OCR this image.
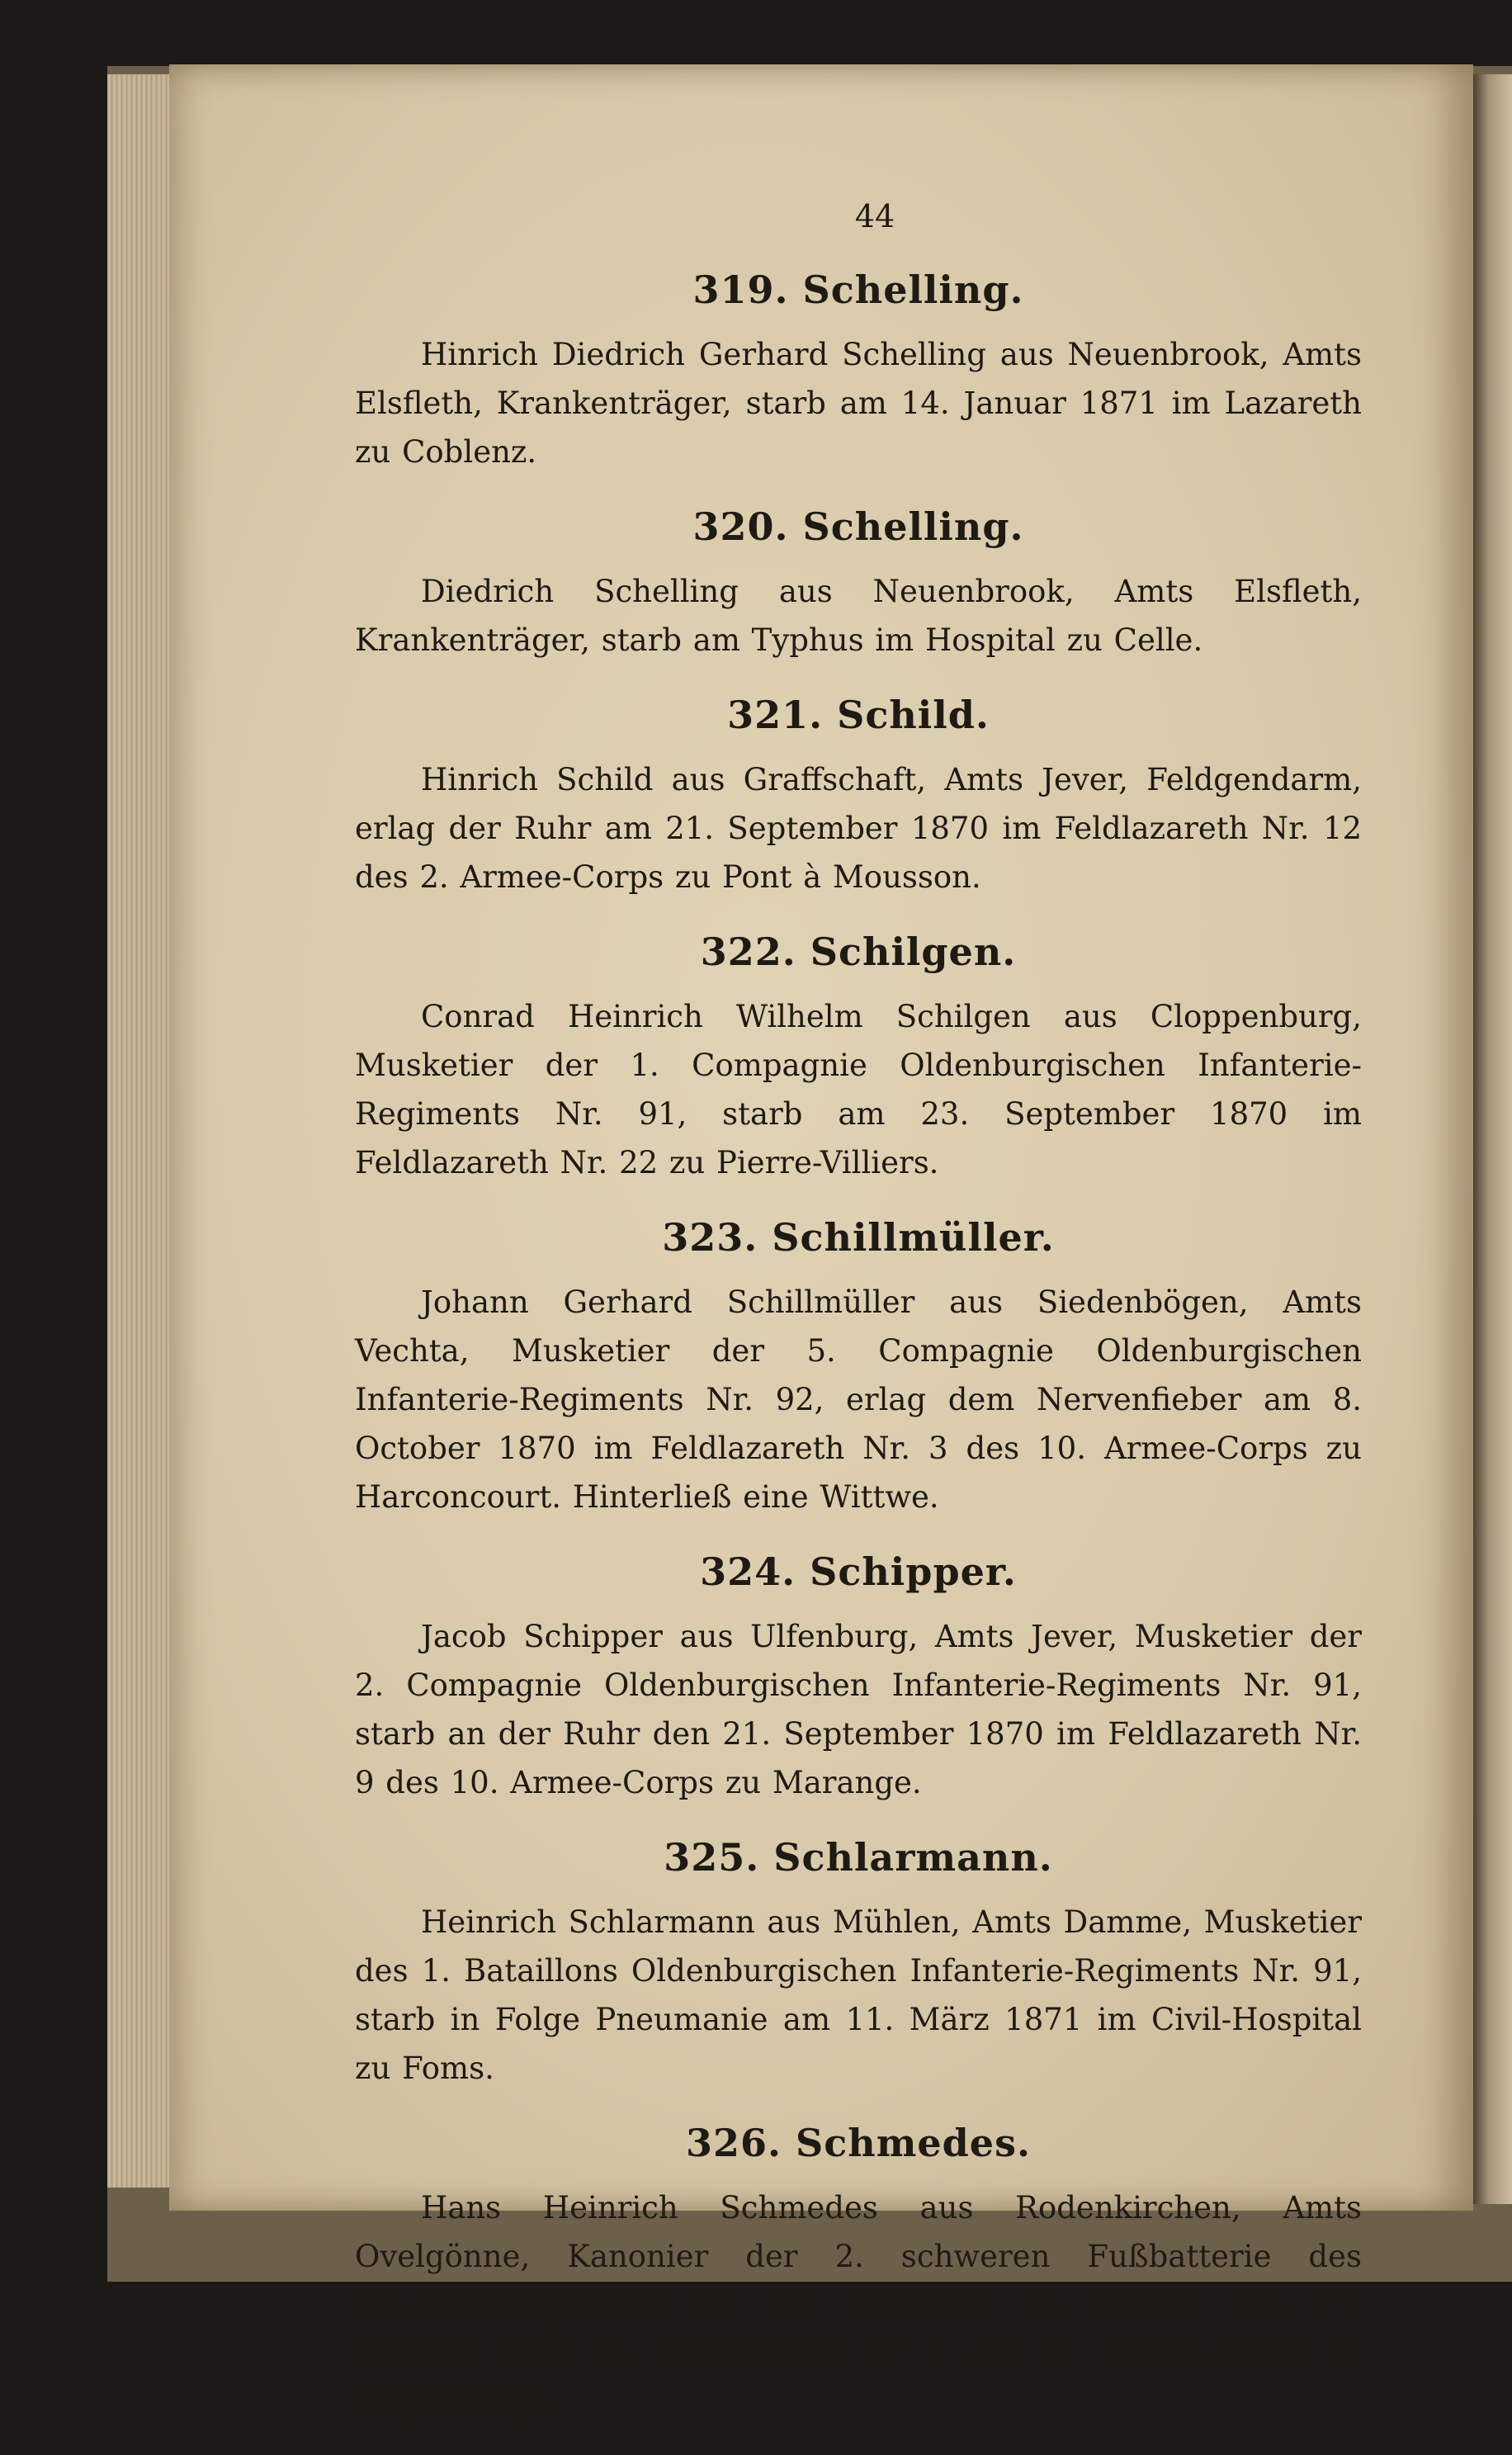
44
319. Schelling.
Hinrich Diedrich Gerhard Schelling aus Neuenbrook, Amts Elsfleth, Krankenträger, starb am 14. Januar 1871 im Lazareth zu Coblenz.
320. Schelling.
Diedrich Schelling aus Neuenbrook, Amts Elsfleth, Krankenträger, starb am Typhus im Hospital zu Celle.
321. Schild.
Hinrich Schild aus Graffschaft, Amts Jever, Feldgendarm, erlag der Ruhr am 21. September 1870 im Feldlazareth Nr. 12 des 2. Armee-Corps zu Pont à Mousson.
322. Schilgen.
Conrad Heinrich Wilhelm Schilgen aus Cloppenburg, Musketier der 1. Compagnie Oldenburgischen Infanterie-Regiments Nr. 91, starb am 23. September 1870 im Feldlazareth Nr. 22 zu Pierre-Villiers.
323. Schillmüller.
Johann Gerhard Schillmüller aus Siedenbögen, Amts Vechta, Musketier der 5. Compagnie Oldenburgischen Infanterie-Regiments Nr. 92, erlag dem Nervenfieber am 8. October 1870 im Feldlazareth Nr. 3 des 10. Armee-Corps zu Harconcourt. Hinterließ eine Wittwe.
324. Schipper.
Jacob Schipper aus Ulfenburg, Amts Jever, Musketier der 2. Compagnie Oldenburgischen Infanterie-Regiments Nr. 91, starb an der Ruhr den 21. September 1870 im Feldlazareth Nr. 9 des 10. Armee-Corps zu Marange.
325. Schlarmann.
Heinrich Schlarmann aus Mühlen, Amts Damme, Musketier des 1. Bataillons Oldenburgischen Infanterie-Regiments Nr. 91, starb in Folge Pneumanie am 11. März 1871 im Civil-Hospital zu Foms.
326. Schmedes.
Hans Heinrich Schmedes aus Rodenkirchen, Amts Ovelgönne, Kanonier der 2. schweren Fußbatterie des Artillerie-Regiments Nr. 10, verschied am Typhus den 19. October 1870 im Feldlazareth Nr. 6 des 10. Armee-Corps zu Hagondange.
